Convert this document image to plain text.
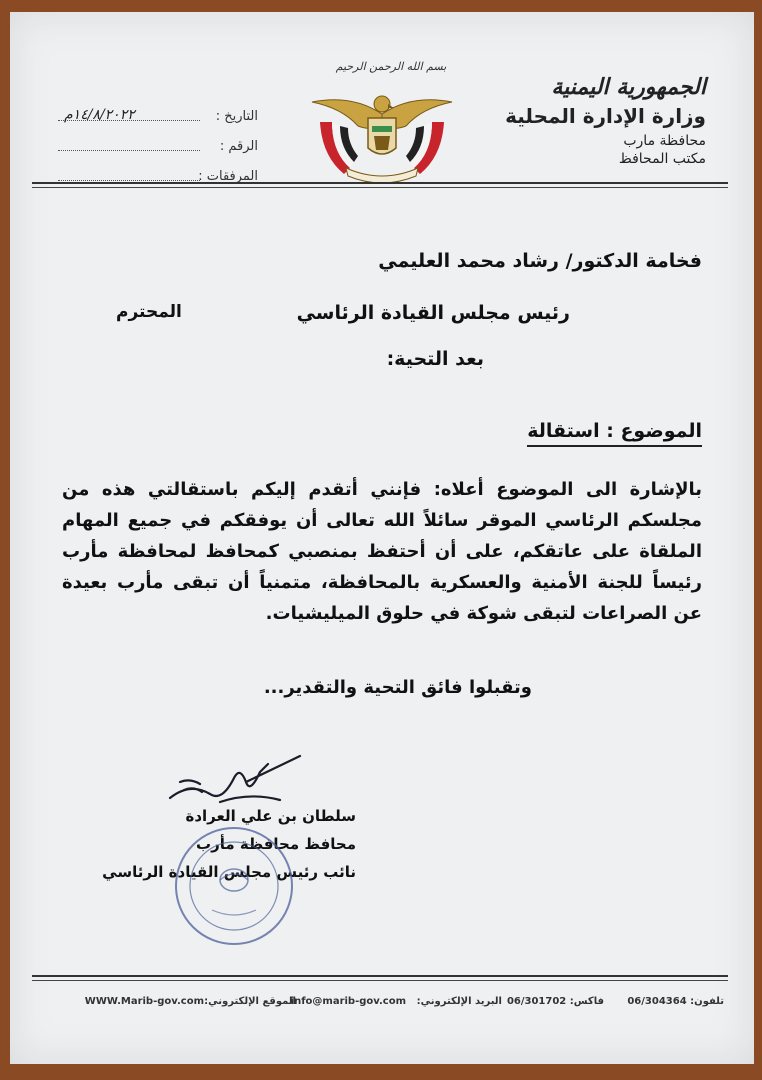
الجمهورية اليمنية
وزارة الإدارة المحلية
محافظة مارب
مكتب المحافظ
بسم الله الرحمن الرحيم
التاريخ :
١٤/٨/٢٠٢٢م
الرقم :
المرفقات :
فخامة الدكتور/ رشاد محمد العليمي
رئيس مجلس القيادة الرئاسي
المحترم
بعد التحية:
الموضوع : استقالة
بالإشارة الى الموضوع أعلاه: فإنني أتقدم إليكم باستقالتي هذه من مجلسكم الرئاسي الموقر سائلاً الله تعالى أن يوفقكم في جميع المهام الملقاة على عاتقكم، على أن أحتفظ بمنصبي كمحافظ لمحافظة مأرب رئيساً للجنة الأمنية والعسكرية بالمحافظة، متمنياً أن تبقى مأرب بعيدة عن الصراعات لتبقى شوكة في حلوق الميليشيات.
وتقبلوا فائق التحية والتقدير...
سلطان بن علي العرادة
محافظ محافظة مأرب
نائب رئيس مجلس القيادة الرئاسي
تلفون: 06/304364
فاكس: 06/301702
البريد الإلكتروني:
info@marib-gov.com
الموقع الإلكتروني:
WWW.Marib-gov.com
